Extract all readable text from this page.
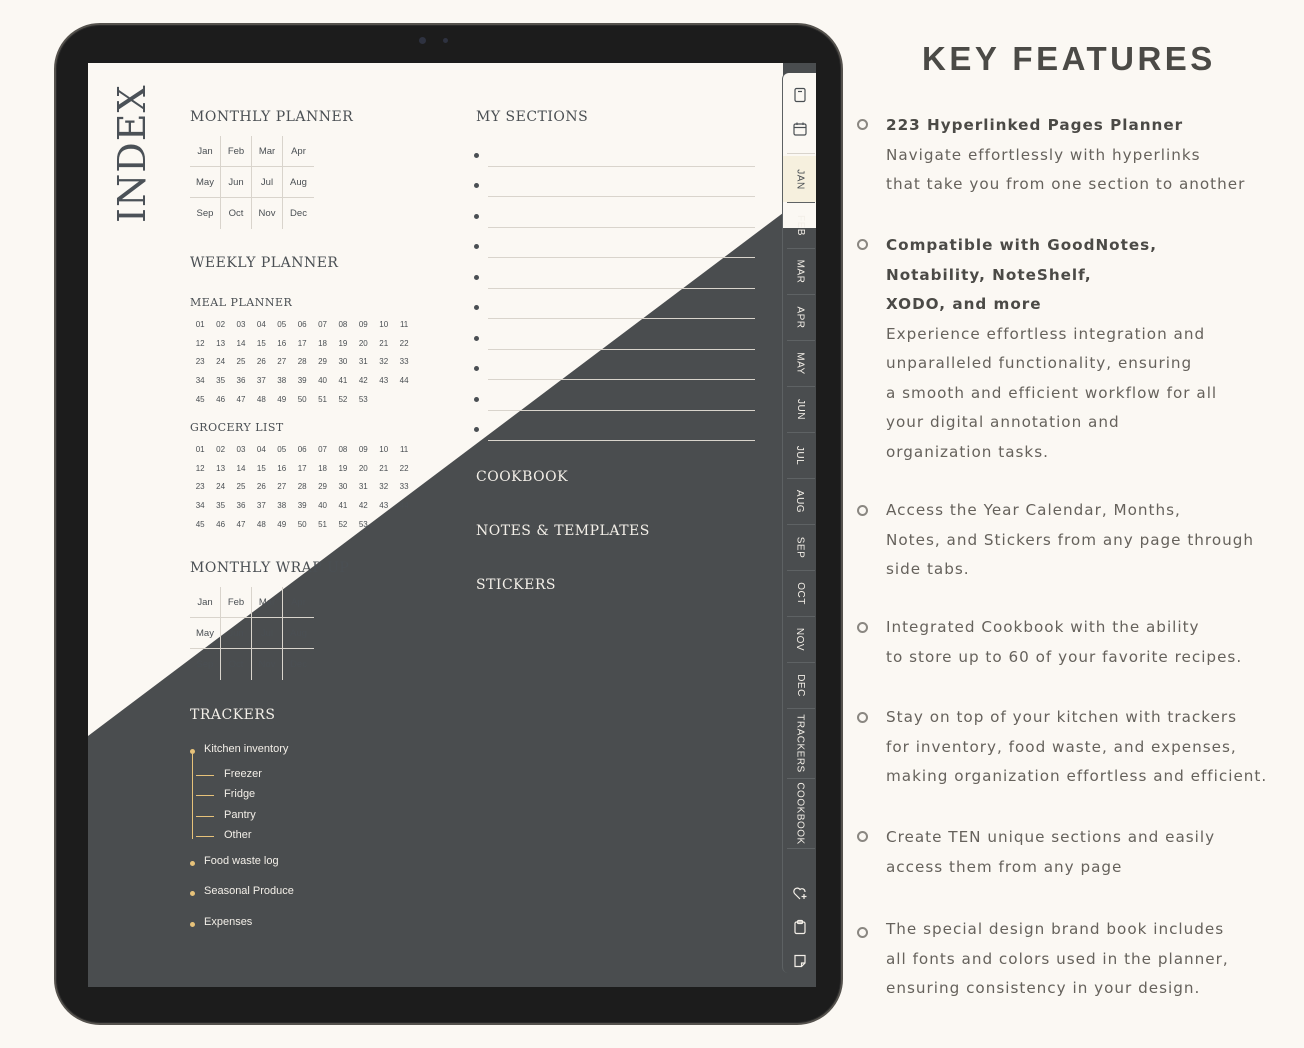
INDEX	MONTHLY PLANNER
Jan	Feb	Mar	Apr
May	Jun	Jul	Aug
Sep	Oct	Nov	Dec
WEEKLY PLANNER
MEAL PLANNER
01	02	03	04	05	06	07	08	09	10	11
12	13	14	15	16	17	18	19	20	21	22
23	24	25	26	27	28	29	30	31	32	33
34	35	36	37	38	39	40	41	42	43	44
45	46	47	48	49	50	51	52	53
GROCERY LIST
01	02	03	04	05	06	07	08	09	10	11
12	13	14	15	16	17	18	19	20	21	22
23	24	25	26	27	28	29	30	31	32	33
34	35	36	37	38	39	40	41	42	43	44
45	46	47	48	49	50	51	52	53
MONTHLY WRAP UP
Jan	Feb	Mar	Apr
May	Jun	Jul	Aug
Sep	Oct	Nov	Dec
TRACKERS
Kitchen inventory
Freezer
Fridge
Pantry
Other
Food waste log
Seasonal Produce
Expenses
MY SECTIONS
COOKBOOK
NOTES & TEMPLATES
STICKERS
JAN
FEB
MAR
APR
MAY
JUN
JUL
AUG
SEP
OCT
NOV
DEC
TRACKERS
COOKBOOK
KEY FEATURES
223 Hyperlinked Pages Planner
Navigate effortlessly with hyperlinks
that take you from one section to another
Compatible with GoodNotes,
Notability, NoteShelf,
XODO, and more
Experience effortless integration and
unparalleled functionality, ensuring
a smooth and efficient workflow for all
your digital annotation and
organization tasks.
Access the Year Calendar, Months,
Notes, and Stickers from any page through
side tabs.
Integrated Cookbook with the ability
to store up to 60 of your favorite recipes.
Stay on top of your kitchen with trackers
for inventory, food waste, and expenses,
making organization effortless and efficient.
Create TEN unique sections and easily
access them from any page
The special design brand book includes
all fonts and colors used in the planner,
ensuring consistency in your design.
